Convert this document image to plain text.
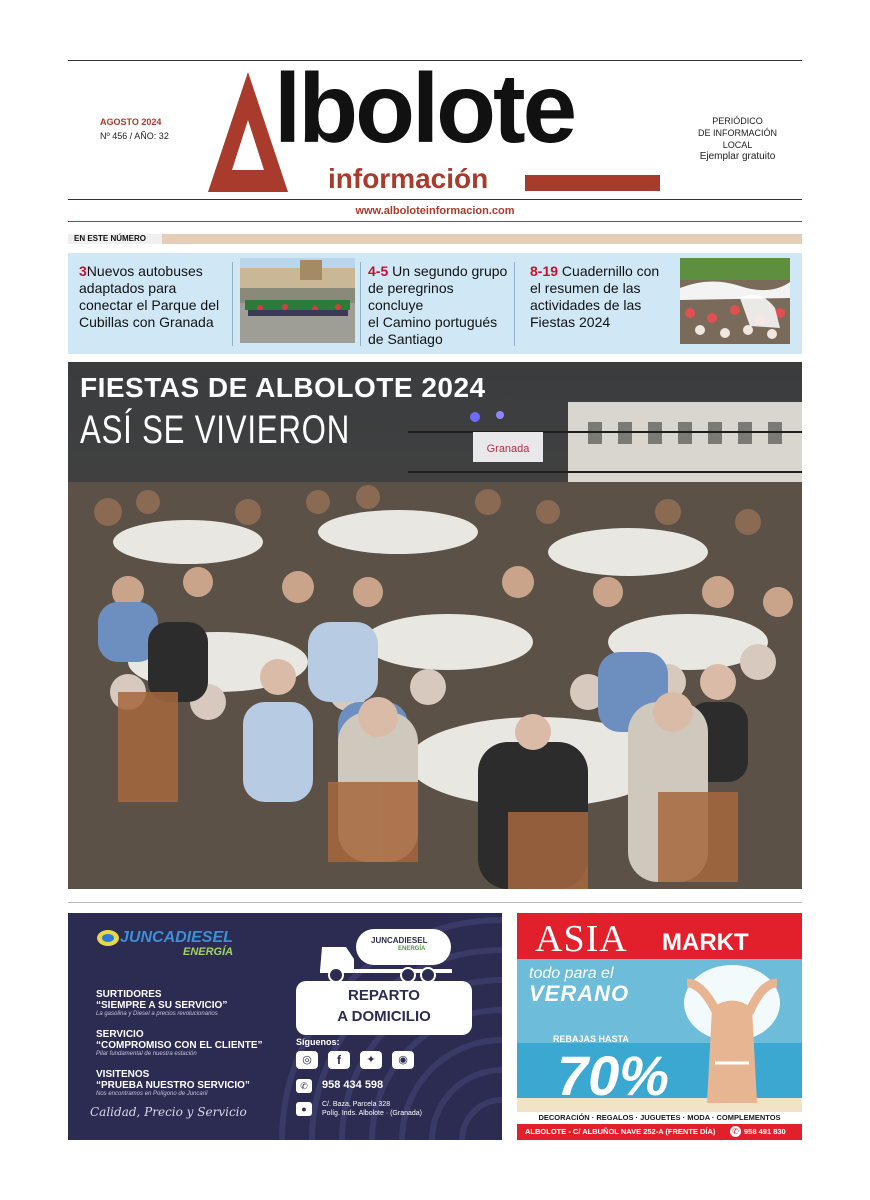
AGOSTO 2024
Nº 456 / AÑO: 32 lbolote
información
PERIÓDICO
DE INFORMACIÓN
LOCAL
Ejemplar gratuito
www.alboloteinformacion.com
EN ESTE NÚMERO
3Nuevos autobuses
adaptados para
conectar el Parque del
Cubillas con Granada
4-5 Un segundo grupo
de peregrinos concluye
el Camino portugués
de Santiago
8-19 Cuadernillo con
el resumen de las
actividades de las
Fiestas 2024
Granada
FIESTAS DE ALBOLOTE 2024
ASÍ SE VIVIERON
JUNCADIESEL
ENERGÍA
SURTIDORES
“SIEMPRE A SU SERVICIO”
La gasolina y Diesel a precios revolucionarios
SERVICIO
“COMPROMISO CON EL CLIENTE”
Pilar fundamental de nuestra estación
VISITENOS
“PRUEBA NUESTRO SERVICIO”
Nos encontramos en Polígono de Juncaril
Calidad, Precio y Servicio
JUNCADIESEL
ENERGÍA
REPARTO
A DOMICILIO
Síguenos:
◎	f	✦	◉
✆	958 434 598
●	C/. Baza, Parcela 328
Políg. Inds. Albolote · (Granada)
ASIA MARKT
todo para el
VERANO
REBAJAS HASTA
70%
DECORACIÓN · REGALOS · JUGUETES · MODA · COMPLEMENTOS
ALBOLOTE - C/ ALBUÑOL NAVE 252-A (FRENTE DÍA) ✆ 958 491 830
